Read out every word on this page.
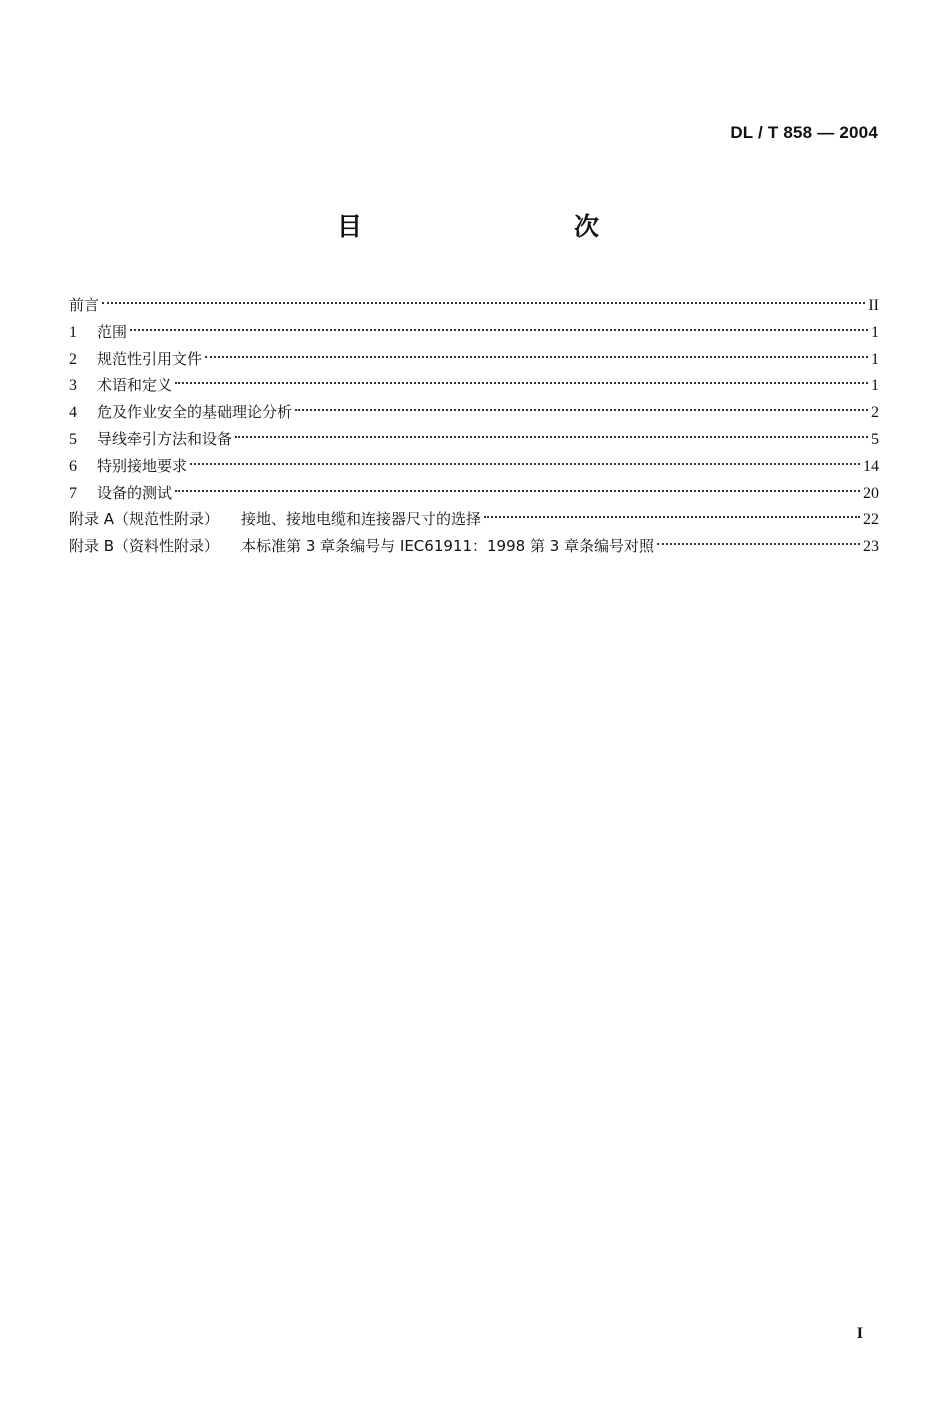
DL / T 858 — 2004
目　　次
前言	II
1	范围	1
2	规范性引用文件	1
3	术语和定义	1
4	危及作业安全的基础理论分析	2
5	导线牵引方法和设备	5
6	特别接地要求	14
7	设备的测试	20
附录 A（规范性附录） 接地、接地电缆和连接器尺寸的选择	22
附录 B（资料性附录） 本标准第 3 章条编号与 IEC61911：1998 第 3 章条编号对照	23
I
